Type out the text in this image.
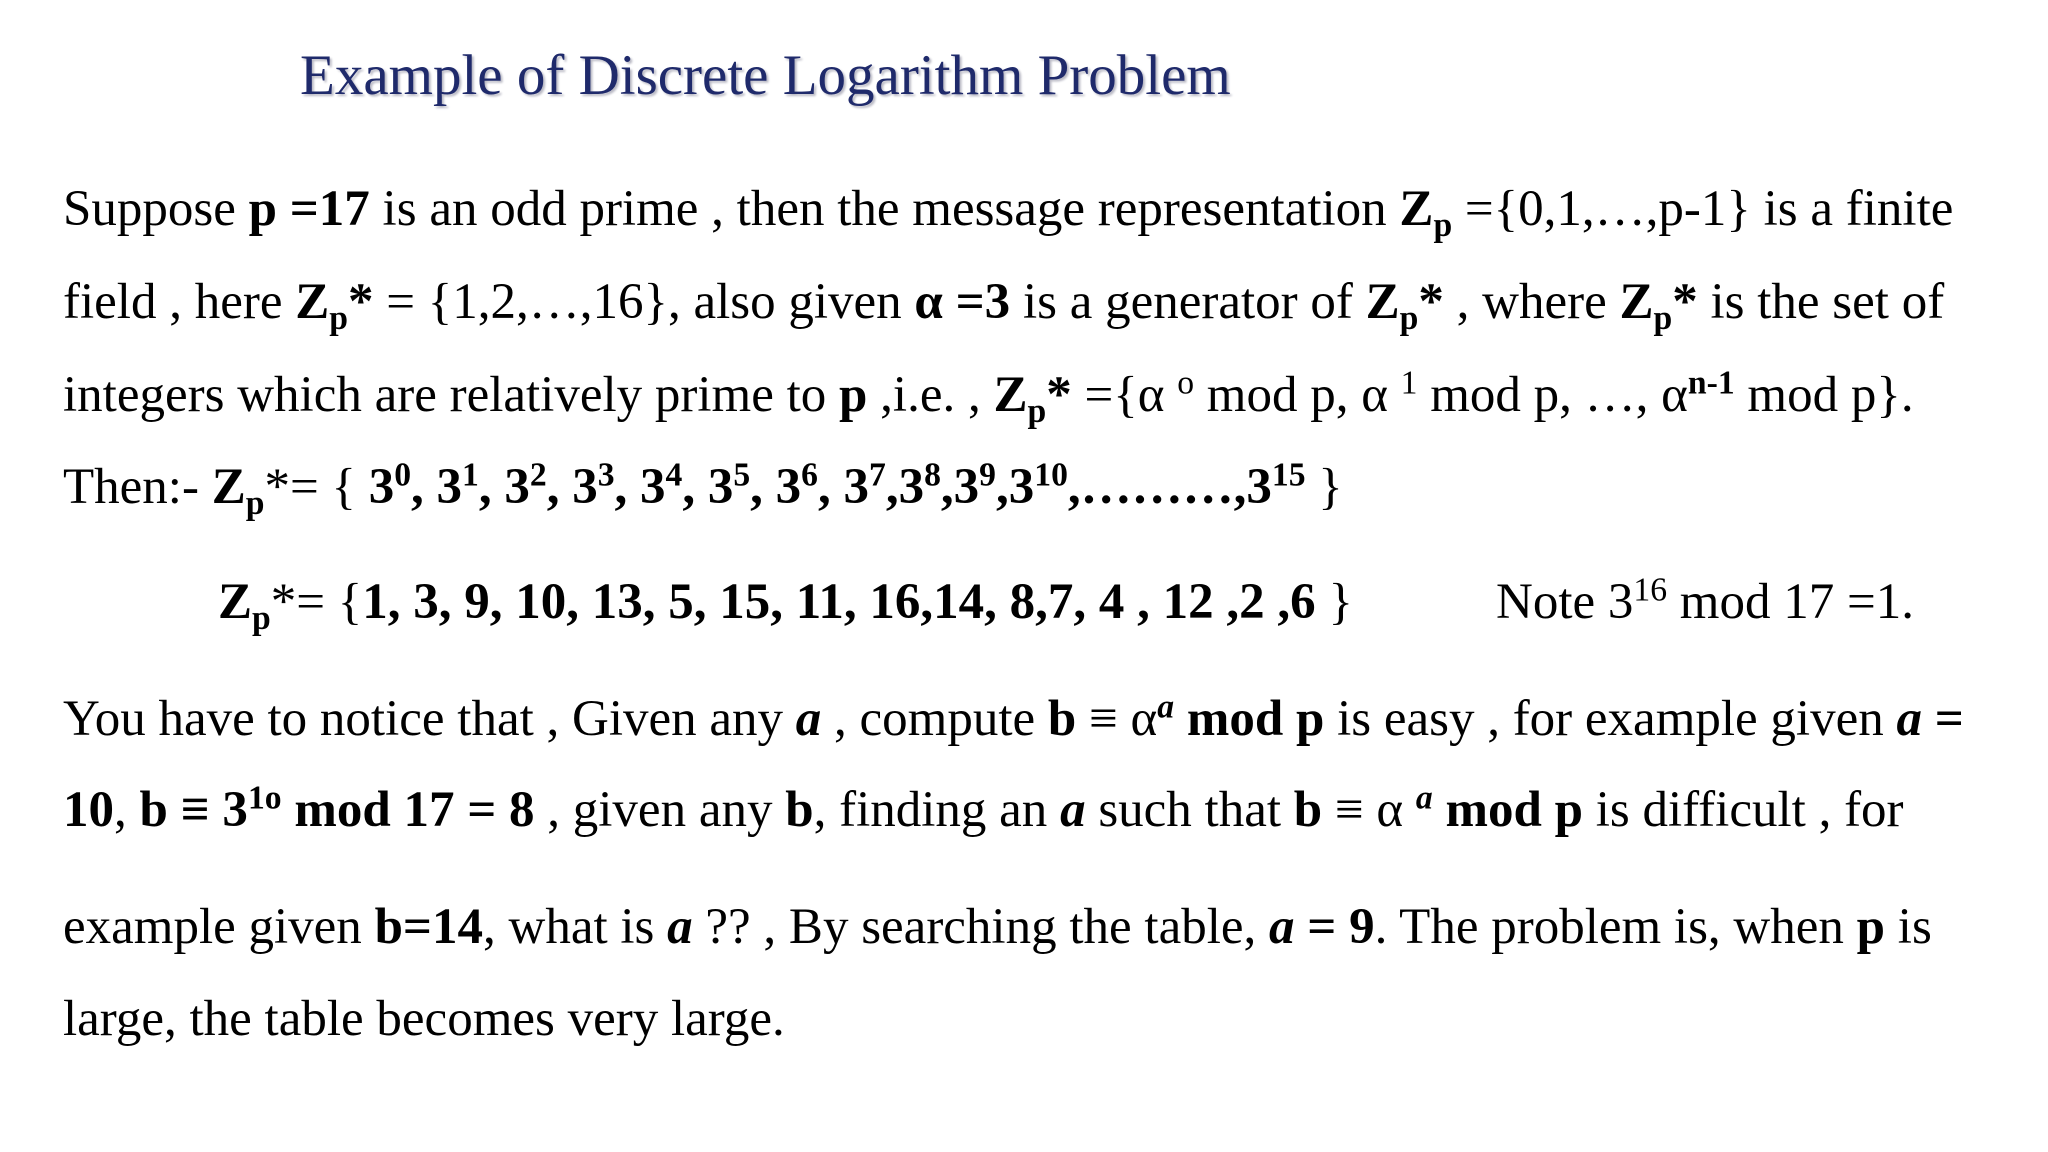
Example of Discrete Logarithm Problem
Suppose p =17 is an odd prime , then the message representation $Z_p$ ={0,1,…,p-1} is a finite
field , here $Z_p*$ = {1,2,…,16}, also given α =3 is a generator of $Z_p*$ , where $Z_p*$ is the set of
integers which are relatively prime to p ,i.e. , $Z_p* =\{\alpha$ $^o$ mod p, α $^1$ mod p, …, $\alpha^{n-1}$ mod p}.
Then:- $Z_p*=$ { $3^0$, $3^1$, $3^2$, $3^3$, $3^4$, $3^5$, $3^6$, $3^7,3^8,3^9,3^{10},\dots\dots\dots,3^{15}$ }
$Z_p*= \{1$, 3, 9, 10, 13, 5, 15, 11, 16,14, 8,7, 4 , 12 ,2 ,6 }	Note $3^{16}$ mod 17 =1.
You have to notice that , Given any a , compute $b \equiv \alpha^a$ mod p is easy , for example given a =
10, $b \equiv 3^{1o}$ mod 17 = 8 , given any b, finding an a such that b ≡ α $^a$ mod p is difficult , for
example given b=14, what is a ?? , By searching the table, a = 9. The problem is, when p is
large, the table becomes very large.
